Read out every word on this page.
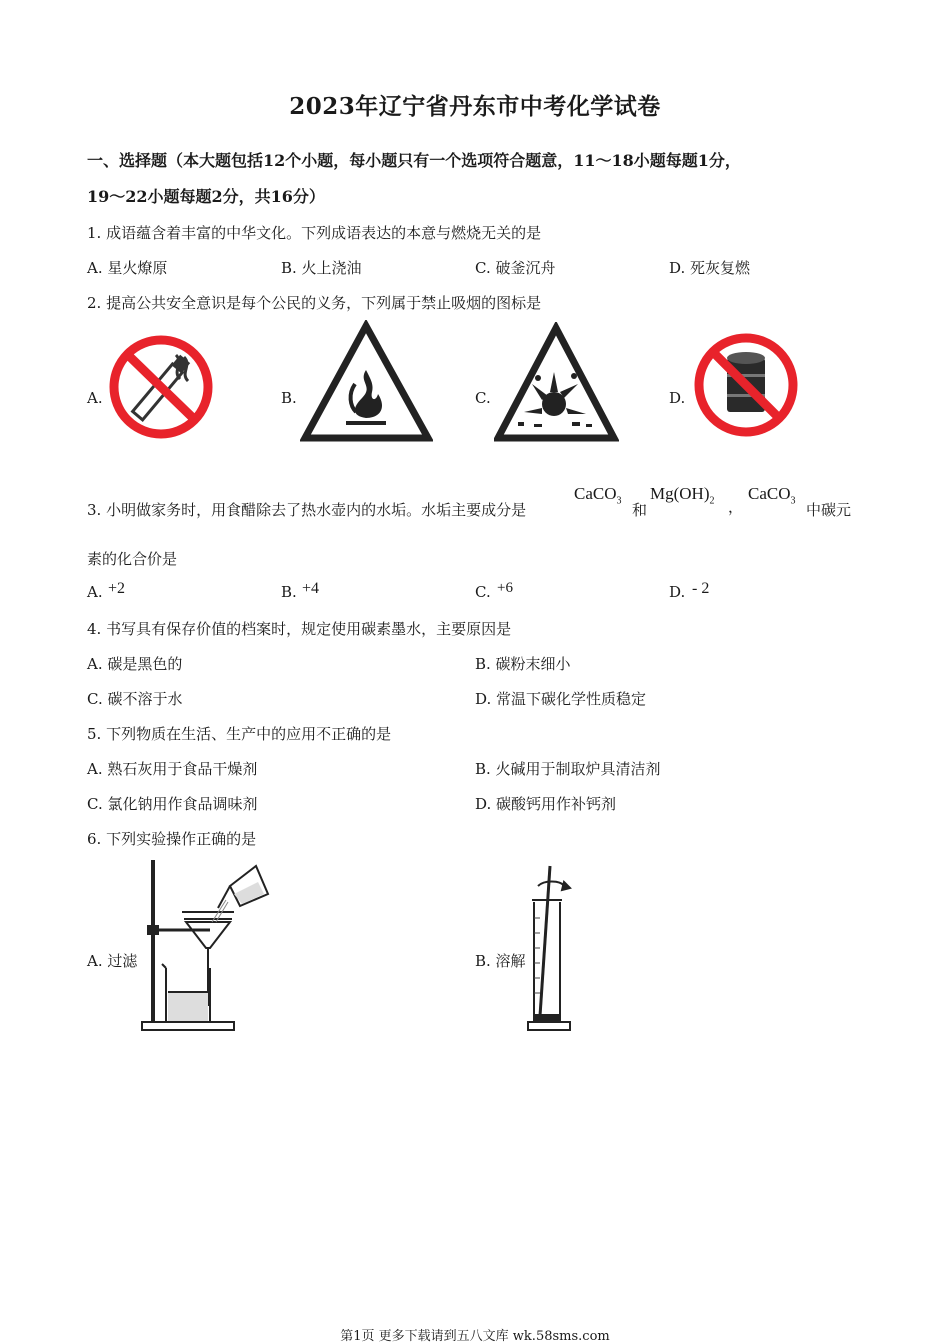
2023年辽宁省丹东市中考化学试卷
一、选择题（本大题包括12个小题，每小题只有一个选项符合题意，11～18小题每题1分，
19～22小题每题2分，共16分）
1. 成语蕴含着丰富的中华文化。下列成语表达的本意与燃烧无关的是
A. 星火燎原	B. 火上浇油	C. 破釜沉舟	D. 死灰复燃
2. 提高公共安全意识是每个公民的义务，下列属于禁止吸烟的图标是
A.	B.	C.	D.
3. 小明做家务时，用食醋除去了热水壶内的水垢。水垢主要成分是
CaCO$_3$
和
$Mg(OH)_2$ ，
CaCO$_3$
中碳元
素的化合价是
A. +2	B. +4	C. +6	D. - 2
4. 书写具有保存价值的档案时，规定使用碳素墨水，主要原因是
A. 碳是黑色的	B. 碳粉末细小
C. 碳不溶于水	D. 常温下碳化学性质稳定
5. 下列物质在生活、生产中的应用不正确的是
A. 熟石灰用于食品干燥剂	B. 火碱用于制取炉具清洁剂
C. 氯化钠用作食品调味剂	D. 碳酸钙用作补钙剂
6. 下列实验操作正确的是
A. 过滤	B. 溶解
第1页 更多下载请到五八文库 wk.58sms.com
